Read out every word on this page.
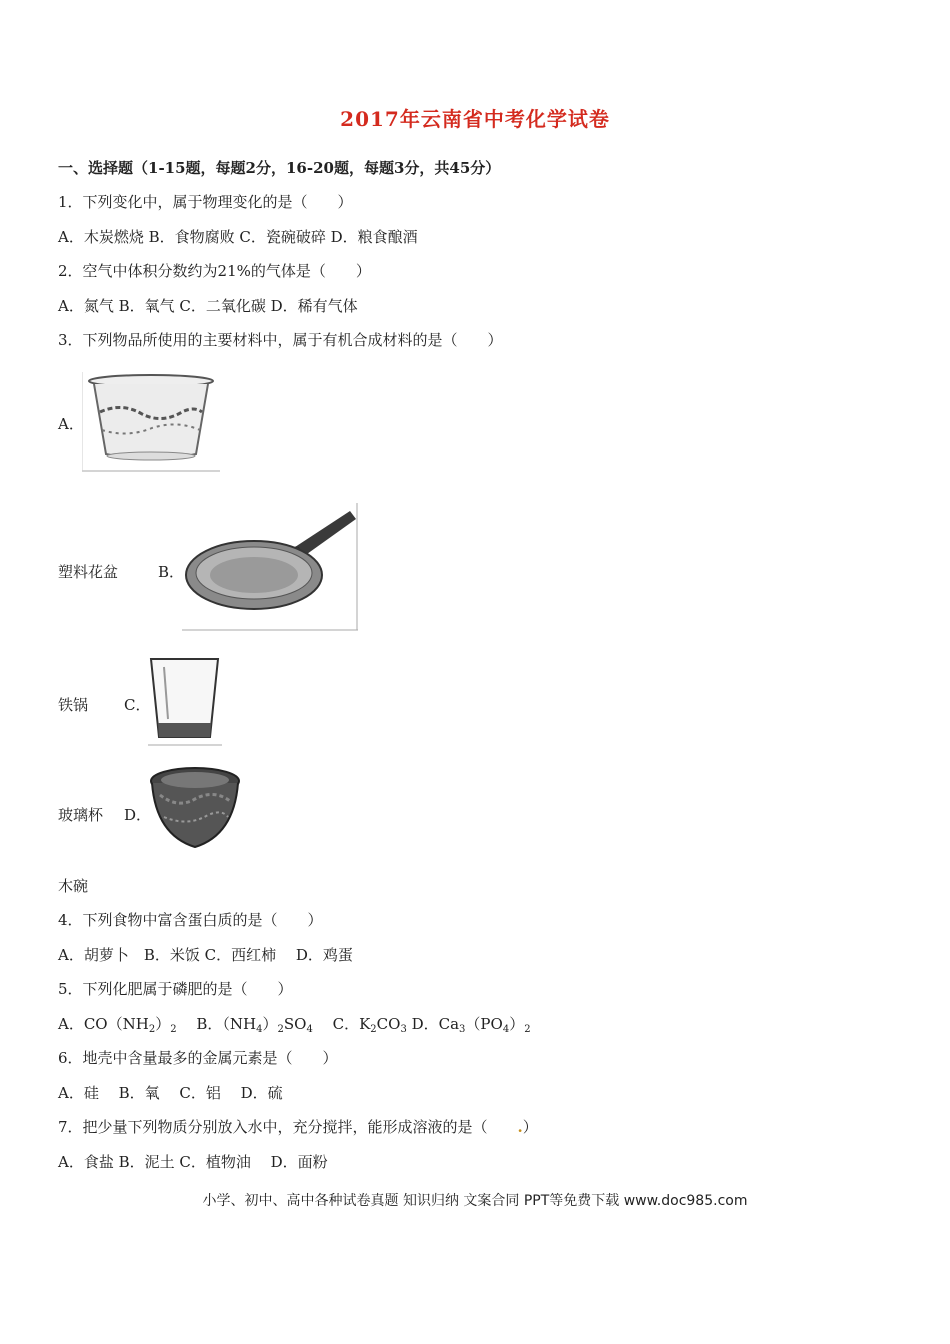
2017年云南省中考化学试卷
一、选择题（1-15题，每题2分，16-20题，每题3分，共45分）
1．下列变化中，属于物理变化的是（　　）
A．木炭燃烧 B．食物腐败 C．瓷碗破碎 D．粮食酿酒
2．空气中体积分数约为21%的气体是（　　）
A．氮气 B．氧气 C．二氧化碳 D．稀有气体
3．下列物品所使用的主要材料中，属于有机合成材料的是（　　）
A．
塑料花盆	B．
铁锅 C．
玻璃杯 D．
木碗
4．下列食物中富含蛋白质的是（　　）
A．胡萝卜　B．米饭 C．西红柿　 D．鸡蛋
5．下列化肥属于磷肥的是（　　）
A．$CO(NH_2)_2$　 B．$(NH_4)_2SO_4$　 C．$K_2CO_3$ D．$Ca_3(PO_4)_2$
6．地壳中含量最多的金属元素是（　　）
A．硅　 B．氧　 C．铝　 D．硫
7．把少量下列物质分别放入水中，充分搅拌，能形成溶液的是（　　.）
A．食盐 B．泥土 C．植物油　 D．面粉
小学、初中、高中各种试卷真题 知识归纳 文案合同 PPT等免费下载 www.doc985.com
